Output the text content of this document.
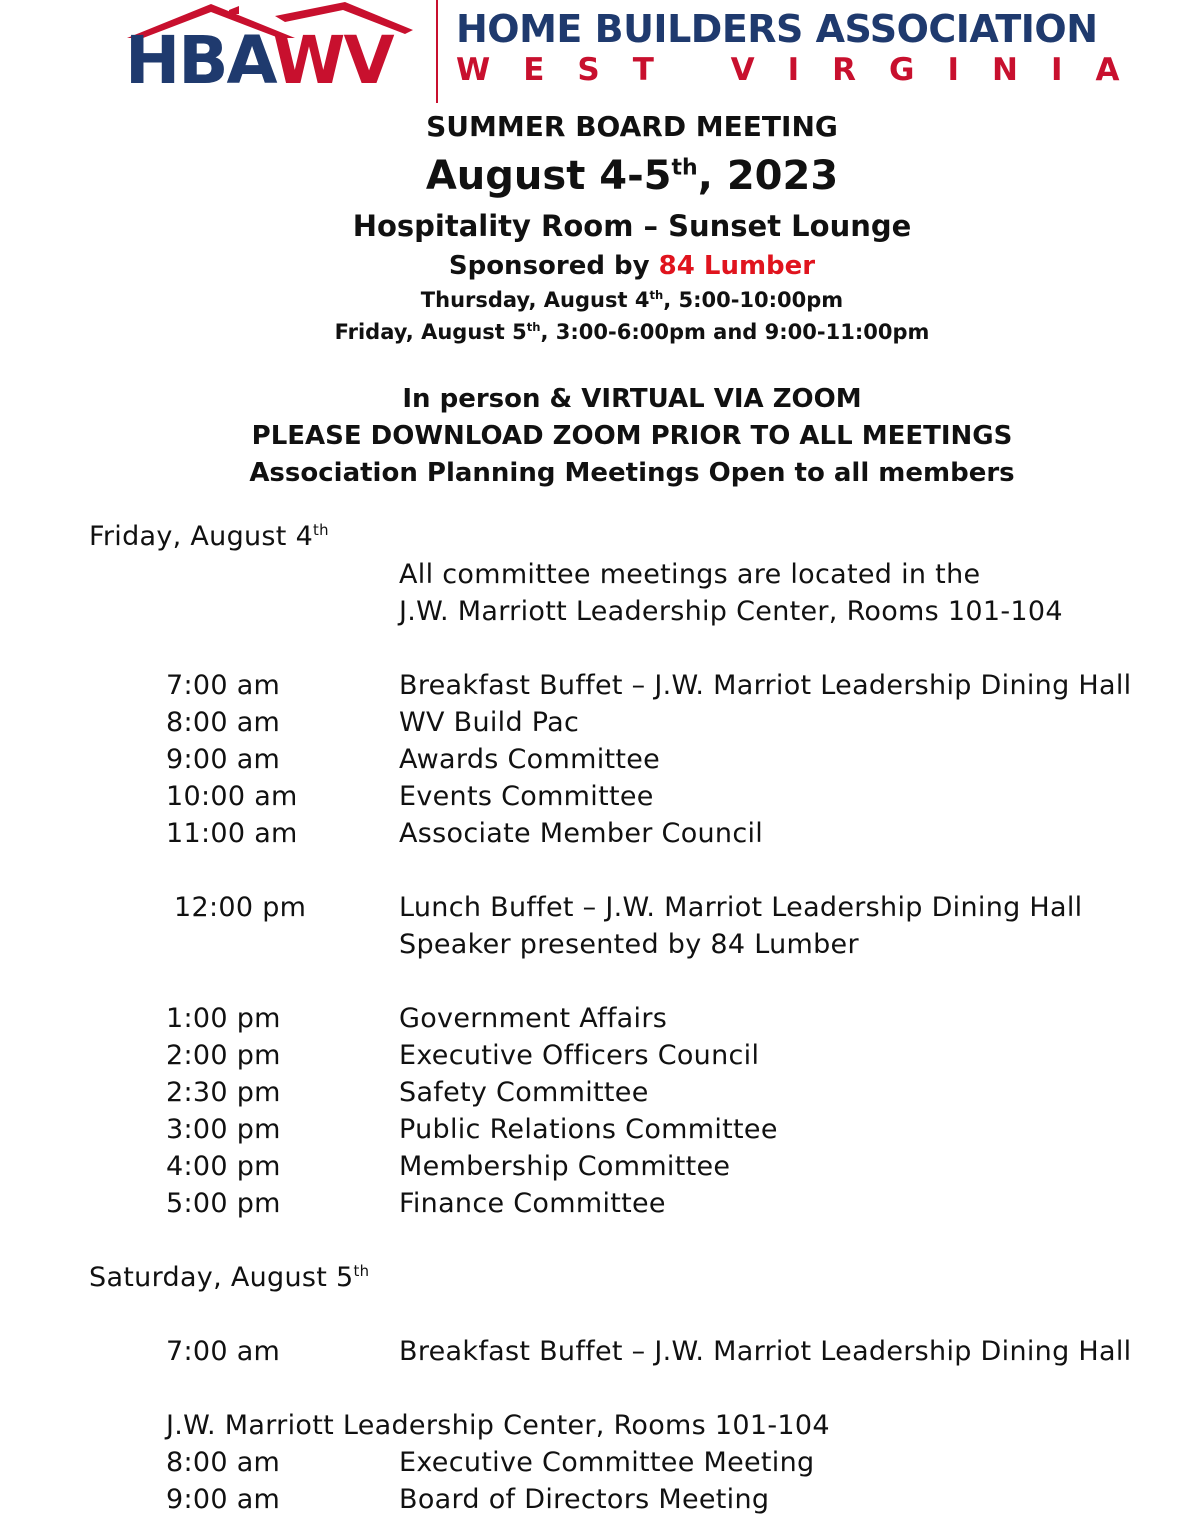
HBAWV HOME BUILDERS ASSOCIATION
WEST VIRGINIA
SUMMER BOARD MEETING
August 4-5th, 2023
Hospitality Room – Sunset Lounge
Sponsored by 84 Lumber
Thursday, August 4th, 5:00-10:00pm
Friday, August 5th, 3:00-6:00pm and 9:00-11:00pm
In person & VIRTUAL VIA ZOOM
PLEASE DOWNLOAD ZOOM PRIOR TO ALL MEETINGS
Association Planning Meetings Open to all members
Friday, August 4th
All committee meetings are located in the
J.W. Marriott Leadership Center, Rooms 101-104
7:00 am	Breakfast Buffet – J.W. Marriot Leadership Dining Hall
8:00 am	WV Build Pac
9:00 am	Awards Committee
10:00 am	Events Committee
11:00 am	Associate Member Council
12:00 pm	Lunch Buffet – J.W. Marriot Leadership Dining Hall
Speaker presented by 84 Lumber
1:00 pm	Government Affairs
2:00 pm	Executive Officers Council
2:30 pm	Safety Committee
3:00 pm	Public Relations Committee
4:00 pm	Membership Committee
5:00 pm	Finance Committee
Saturday, August 5th
7:00 am	Breakfast Buffet – J.W. Marriot Leadership Dining Hall
J.W. Marriott Leadership Center, Rooms 101-104
8:00 am	Executive Committee Meeting
9:00 am	Board of Directors Meeting
